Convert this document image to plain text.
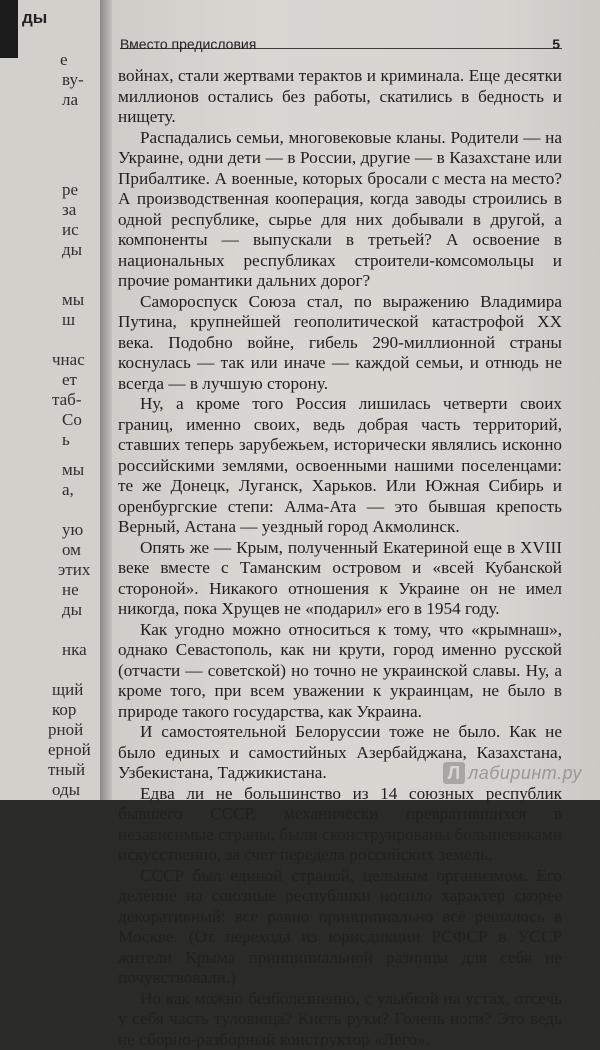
ды
е
ву-
ла
ре
за
ис
ды
мы
ш
чнас
ет
таб-
Со
ь
мы
а,
ую
ом
этих
не
ды
нка
щий
кор
рной
ерной
тный
оды
Вместо предисловия	5

войнах, стали жертвами терактов и криминала. Еще десятки миллионов остались без работы, скатились в бедность и нищету.

Распадались семьи, многовековые кланы. Родители — на Украине, одни дети — в России, другие — в Казахстане или Прибалтике. А военные, которых бросали с места на место? А производственная кооперация, когда заводы строились в одной республике, сырье для них добывали в другой, а компоненты — выпускали в третьей? А освоение в национальных республиках строители-комсомольцы и прочие романтики дальних дорог?

Самороспуск Союза стал, по выражению Владимира Путина, крупнейшей геополитической катастрофой XX века. Подобно войне, гибель 290-миллионной страны коснулась — так или иначе — каждой семьи, и отнюдь не всегда — в лучшую сторону.

Ну, а кроме того Россия лишилась четверти своих границ, именно своих, ведь добрая часть территорий, ставших теперь зарубежьем, исторически являлись исконно российскими землями, освоенными нашими поселенцами: те же Донецк, Луганск, Харьков. Или Южная Сибирь и оренбургские степи: Алма-Ата — это бывшая крепость Верный, Астана — уездный город Акмолинск.

Опять же — Крым, полученный Екатериной еще в XVIII веке вместе с Таманским островом и «всей Кубанской стороной». Никакого отношения к Украине он не имел никогда, пока Хрущев не «подарил» его в 1954 году.

Как угодно можно относиться к тому, что «крымнаш», однако Севастополь, как ни крути, город именно русской (отчасти — советской) но точно не украинской славы. Ну, а кроме того, при всем уважении к украинцам, не было в природе такого государства, как Украина.

И самостоятельной Белоруссии тоже не было. Как не было единых и самостийных Азербайджана, Казахстана, Узбекистана, Таджикистана.

Едва ли не большинство из 14 союзных республик бывшего СССР, механически превратившихся в независимые страны, были сконструированы большевиками искусственно, за счет передела российских земель.

СССР был единой страной, цельным организмом. Его деление на союзные республики носило характер скорее декоративный: все равно принципиально всё решалось в Москве. (От перехода из юрисдикции РСФСР в УССР жители Крыма принципиальной разницы для себя не почувствовали.)

Но как можно безболезненно, с улыбкой на устах, отсечь у себя часть туловища? Кисть руки? Голень ноги? Это ведь не сборно-разборный конструктор «Лего».

Л лабиринт.ру
